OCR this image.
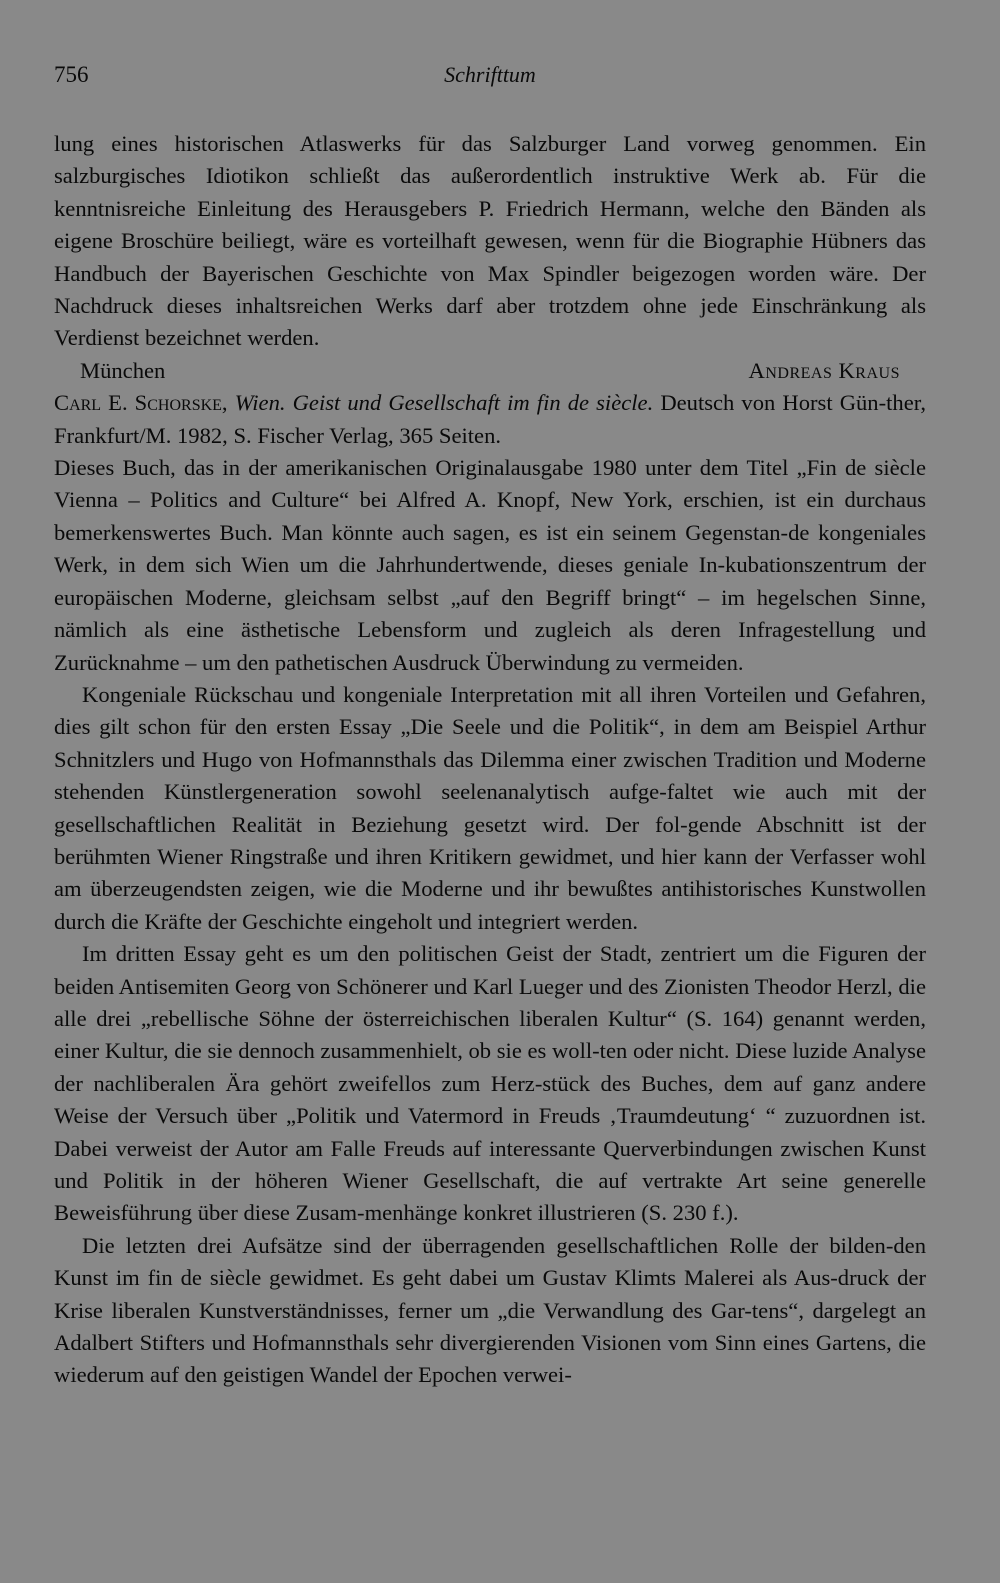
756	Schrifttum

lung eines historischen Atlaswerks für das Salzburger Land vorweg genommen. Ein salzburgisches Idiotikon schließt das außerordentlich instruktive Werk ab. Für die kenntnisreiche Einleitung des Herausgebers P. Friedrich Hermann, welche den Bänden als eigene Broschüre beiliegt, wäre es vorteilhaft gewesen, wenn für die Biographie Hübners das Handbuch der Bayerischen Geschichte von Max Spindler beigezogen worden wäre. Der Nachdruck dieses inhaltsreichen Werks darf aber trotzdem ohne jede Einschränkung als Verdienst bezeichnet werden.

München	Andreas Kraus

Carl E. Schorske, Wien. Geist und Gesellschaft im fin de siècle. Deutsch von Horst Gün-ther, Frankfurt/M. 1982, S. Fischer Verlag, 365 Seiten.

Dieses Buch, das in der amerikanischen Originalausgabe 1980 unter dem Titel „Fin de siècle Vienna – Politics and Culture“ bei Alfred A. Knopf, New York, erschien, ist ein durchaus bemerkenswertes Buch. Man könnte auch sagen, es ist ein seinem Gegenstan-de kongeniales Werk, in dem sich Wien um die Jahrhundertwende, dieses geniale In-kubationszentrum der europäischen Moderne, gleichsam selbst „auf den Begriff bringt“ – im hegelschen Sinne, nämlich als eine ästhetische Lebensform und zugleich als deren Infragestellung und Zurücknahme – um den pathetischen Ausdruck Überwindung zu vermeiden.

Kongeniale Rückschau und kongeniale Interpretation mit all ihren Vorteilen und Gefahren, dies gilt schon für den ersten Essay „Die Seele und die Politik“, in dem am Beispiel Arthur Schnitzlers und Hugo von Hofmannsthals das Dilemma einer zwischen Tradition und Moderne stehenden Künstlergeneration sowohl seelenanalytisch aufge-faltet wie auch mit der gesellschaftlichen Realität in Beziehung gesetzt wird. Der fol-gende Abschnitt ist der berühmten Wiener Ringstraße und ihren Kritikern gewidmet, und hier kann der Verfasser wohl am überzeugendsten zeigen, wie die Moderne und ihr bewußtes antihistorisches Kunstwollen durch die Kräfte der Geschichte eingeholt und integriert werden.

Im dritten Essay geht es um den politischen Geist der Stadt, zentriert um die Figuren der beiden Antisemiten Georg von Schönerer und Karl Lueger und des Zionisten Theodor Herzl, die alle drei „rebellische Söhne der österreichischen liberalen Kultur“ (S. 164) genannt werden, einer Kultur, die sie dennoch zusammenhielt, ob sie es woll-ten oder nicht. Diese luzide Analyse der nachliberalen Ära gehört zweifellos zum Herz-stück des Buches, dem auf ganz andere Weise der Versuch über „Politik und Vatermord in Freuds ‚Traumdeutung‘ “ zuzuordnen ist. Dabei verweist der Autor am Falle Freuds auf interessante Querverbindungen zwischen Kunst und Politik in der höheren Wiener Gesellschaft, die auf vertrakte Art seine generelle Beweisführung über diese Zusam-menhänge konkret illustrieren (S. 230 f.).

Die letzten drei Aufsätze sind der überragenden gesellschaftlichen Rolle der bilden-den Kunst im fin de siècle gewidmet. Es geht dabei um Gustav Klimts Malerei als Aus-druck der Krise liberalen Kunstverständnisses, ferner um „die Verwandlung des Gar-tens“, dargelegt an Adalbert Stifters und Hofmannsthals sehr divergierenden Visionen vom Sinn eines Gartens, die wiederum auf den geistigen Wandel der Epochen verwei-
